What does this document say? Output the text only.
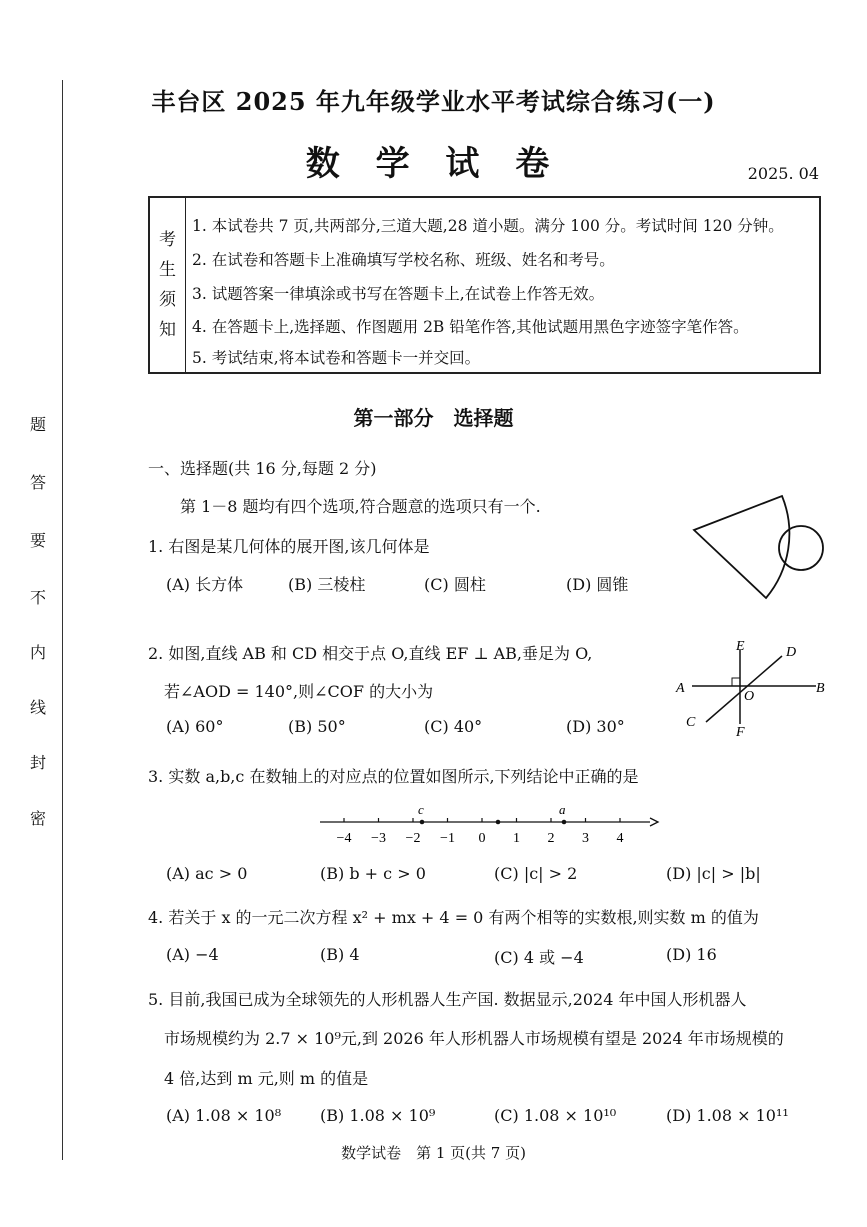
题
答
要
不
内
线
封
密
丰台区 2025 年九年级学业水平考试综合练习(一)
数 学 试 卷	2025. 04
考
生
须
知
1. 本试卷共 7 页,共两部分,三道大题,28 道小题。满分 100 分。考试时间 120 分钟。
2. 在试卷和答题卡上准确填写学校名称、班级、姓名和考号。
3. 试题答案一律填涂或书写在答题卡上,在试卷上作答无效。
4. 在答题卡上,选择题、作图题用 2B 铅笔作答,其他试题用黑色字迹签字笔作答。
5. 考试结束,将本试卷和答题卡一并交回。
第一部分　选择题
一、选择题(共 16 分,每题 2 分)
第 1－8 题均有四个选项,符合题意的选项只有一个.
1. 右图是某几何体的展开图,该几何体是
(A) 长方体	(B) 三棱柱	(C) 圆柱	(D) 圆锥
2. 如图,直线 AB 和 CD 相交于点 O,直线 EF ⊥ AB,垂足为 O,
若∠AOD = 140°,则∠COF 的大小为
(A) 60°	(B) 50°	(C) 40°	(D) 30°
E	D
A	B
O
C
F
3. 实数 a,b,c 在数轴上的对应点的位置如图所示,下列结论中正确的是
−4 −3 −2 −1 0 1 2 3 4
c	a
(A) ac > 0	(B) b + c > 0	(C) |c| > 2	(D) |c| > |b|
4. 若关于 x 的一元二次方程 x² + mx + 4 = 0 有两个相等的实数根,则实数 m 的值为
(A) −4	(B) 4	(C) 4 或 −4	(D) 16
5. 目前,我国已成为全球领先的人形机器人生产国. 数据显示,2024 年中国人形机器人
市场规模约为 2.7 × 10⁹元,到 2026 年人形机器人市场规模有望是 2024 年市场规模的
4 倍,达到 m 元,则 m 的值是
(A) 1.08 × 10⁸ (B) 1.08 × 10⁹	(C) 1.08 × 10¹⁰	(D) 1.08 × 10¹¹
数学试卷　第 1 页(共 7 页)
